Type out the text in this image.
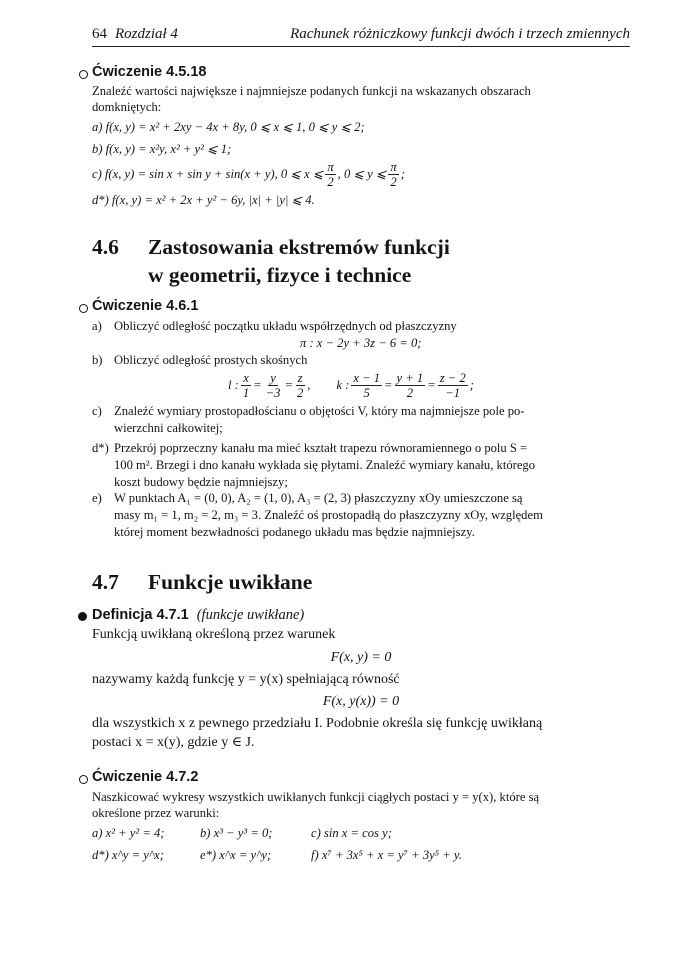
64 Rozdział 4	Rachunek różniczkowy funkcji dwóch i trzech zmiennych
Ćwiczenie 4.5.18
Znaleźć wartości największe i najmniejsze podanych funkcji na wskazanych obszarach
domkniętych:
a) f(x, y) = x² + 2xy − 4x + 8y, 0 ⩽ x ⩽ 1, 0 ⩽ y ⩽ 2;
b) f(x, y) = x²y, x² + y² ⩽ 1;
c) f(x, y) = sin x + sin y + sin(x + y), 0 ⩽ x ⩽ $\frac{\pi}{2}$ , 0 ⩽ y ⩽ $\frac{\pi}{2}$ ;
d*) f(x, y) = x² + 2x + y² − 6y, |x| + |y| ⩽ 4.
4.6 Zastosowania ekstremów funkcji
w geometrii, fizyce i technice
Ćwiczenie 4.6.1
a) Obliczyć odległość początku układu współrzędnych od płaszczyzny
π : x − 2y + 3z − 6 = 0;
b) Obliczyć odległość prostych skośnych
l : $\frac{x}{1} = \frac{y}{-3} = \frac{z}{2}$ , k : $\frac{x - 1}{5} = \frac{y + 1}{2} = \frac{z - 2}{-1}$ ;
c) Znaleźć wymiary prostopadłościanu o objętości V, który ma najmniejsze pole po-
wierzchni całkowitej;
d*) Przekrój poprzeczny kanału ma mieć kształt trapezu równoramiennego o polu S =
100 m². Brzegi i dno kanału wykłada się płytami. Znaleźć wymiary kanału, którego
koszt budowy będzie najmniejszy;
e) W punktach A₁ = (0, 0), A₂ = (1, 0), A₃ = (2, 3) płaszczyzny xOy umieszczone są
masy m₁ = 1, m₂ = 2, m₃ = 3. Znaleźć oś prostopadłą do płaszczyzny xOy, względem
której moment bezwładności podanego układu mas będzie najmniejszy.
4.7 Funkcje uwikłane
Definicja 4.7.1 (funkcje uwikłane)
Funkcją uwikłaną określoną przez warunek
F(x, y) = 0
nazywamy każdą funkcję y = y(x) spełniającą równość
F(x, y(x)) = 0
dla wszystkich x z pewnego przedziału I. Podobnie określa się funkcję uwikłaną
postaci x = x(y), gdzie y ∈ J.
Ćwiczenie 4.7.2
Naszkicować wykresy wszystkich uwikłanych funkcji ciągłych postaci y = y(x), które są
określone przez warunki:
a) x² + y² = 4;	b) x³ − y³ = 0;	c) sin x = cos y;
d*) x^y = y^x;	e*) x^x = y^y;	f) x⁷ + 3x⁵ + x = y⁷ + 3y⁵ + y.
